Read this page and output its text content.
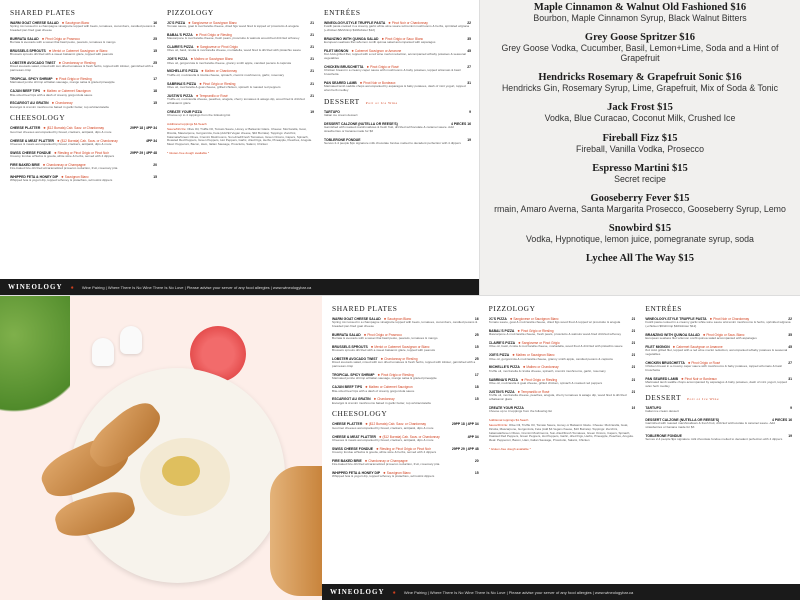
SHARED PLATES
WARM GOAT CHEESE SALAD ✸ Sauvignon Blanc	16
Spring mix tossed in a champagne vinaigrette topped with beets, tomatoes, cucumbers, candied pecans & breaded pan fried goat cheese
BURRATA SALAD ✸ Pinot Grigio or Prosecco	25
Burrata & avocado with a sweet thai basil pesto, peanuts, tomatoes & mango
BRUSSELS SPROUTS ✸ Merlot or Cabernet Sauvignon or Blanc	15
Brussels sprouts drizzled with a sweet balsamic glaze, topped with peanuts
LOBSTER AVOCADO TWIST ✸ Chardonnay or Riesling	25
Diced avocado salad, mixed with sun dried tomatoes & fresh herbs, topped with lobster, garnished with a parmesan crisp
TROPICAL SPICY SHRIMP ✸ Pinot Grigio or Riesling	17
Marinated jumbo shrimp w/Italian sausage, mango salsa & grazed pineapple
CAJUN BEEF TIPS ✸ Malbec or Cabernet Sauvignon	18
Bite-sized beef tips with a dash of creamy gorgonzola sauce
ESCARGOT AU GRATIN ✸ Chardonnay	15
Escargot & cremini mushrooms baked in garlic butter, top w/stracciatella
CHEESOLOGY
CHEESE PLATTER ✸ ($12 Burrata) Cab. Sauv. or Chardonnay	29PP 18 | 4PP 34
Gourmet cheeses accompanied by bread, crackers, antipasti, dips & more
CHEESE & MEAT PLATTER ✸ ($12 Burrata) Cab. Sauv. or Chardonnay	4PP 34
Cheeses & meats accompanied by bread, crackers, antipasti, dips & more
SWISS CHEESE FONDUE ✸ Riesling or Pinot Grigio or Pinot Noir	29PP 29 | 4PP 48
Creamy fondue w/Swiss & gouda, white wine & herbs, served with 4 dippers
FIRE BAKED BRIE ✸ Chardonnay or Champagne	20
Fire-baked brie drizzled w/caramelized prosecco reduction, fruit, rosemary pita
WHIPPED FETA & HONEY DIP ✸ Sauvignon Blanc	15
Whipped feta & yogurt dip, topped w/honey & pistachios, w/crostini dippers
PIZZOLOGY
JC'S PIZZA ✸ Sangiovese or Sauvignon Blanc	21
Tomato sauce, goat & mozzarella cheese, dried figs wood fired & topped w/ prosciutto & arugula
BABAL'S PIZZA ✸ Pinot Grigio or Riesling	21
Mascarpone & mozzarella cheese, fresh pears, prosciutto & walnuts wood-fired drizzled w/honey
CLAIRE'S PIZZA ✸ Sangiovese or Pinot Grigio	21
Olive oil, basil, ricotta & mozzarella cheese, mortadella, wood fired & drizzled with pistachio sauce
JOE'S PIZZA ✸ Malbec or Sauvignon Blanc	21
Olive oil, gorgonzola & mozzarella cheese, granny smith apple, candied pecans & capicola
MICHELLE'S PIZZA ✸ Malbec or Chardonnay	21
Truffle oil, mozzarella & ricotta cheese, spinach, cremini mushrooms, garlic, rosemary
SABRINA'S PIZZA ✸ Pinot Grigio or Riesling	21
Olive oil, mozzarella & goat cheese, grilled chicken, spinach & roasted red peppers
JUSTIN'S PIZZA ✸ Tempranillo or Rosé	21
Truffle oil, mozzarella cheese, peaches, arugula, cherry tomatoes & asiago dip, wood fired & drizzled w/balsamic glaze
CREATE YOUR PIZZA	19
Choose up to 4 toppings from the following list
Additional toppings $1.5each
Sauce/Drizzle: Olive Oil, Truffle Oil, Tomato Sauce, Honey or Balsamic Glaze. Cheese: Mozzarella, Goat, Ricotta, Mascarpone, Gorgonzola, Feta (Add $4 Vegan cheese, $10 Burrata). Toppings: Zucchini, Kalamata/Green Olives, Cremini Mushrooms, Sun-dried/Fresh Tomatoes, Green Onions, Capers, Spinach, Roasted Red Peppers, Green Peppers, Hot Peppers, Garlic, dried Figs, Herbs, Pineapple, Peaches, Arugula. Meat: Pepperoni, Bacon, Ham, Italian Sausage, Prosciutto, Salami, Chicken
* Gluten-free dough available *
ENTRÉES
WINEOLOGY-STYLE TRUFFLE PASTA ✸ Pinot Noir or Chardonnay	22
Fusilli pasta cooked in a creamy garlic white wine sauce w/cremini mushrooms & herbs, sprinkled w/grana (+chicken $6/shrimp $10/lobster $12)
BRANZINO WITH QUINOA SALAD ✸ Pinot Grigio or Sauv. Blanc	35
European seabass filet w/lemon confit quinoa salad accompanied with asparagus
FILET MIGNON ✸ Cabernet Sauvignon or Amarone	45
8oz AAA grilled filet, topped with a red wine merlot reduction, accompanied w/baby potatoes & seasonal vegetables
CHICKEN BRUSCHETTA ✸ Pinot Grigio or Rosé	27
Chicken breast in a creamy caper sauce with mushrooms & baby potatoes, topped w/tomato & basil bruschetta
PAN SEARED LAMB ✸ Pinot Noir or Bordeaux	31
Marinated lamb saddle chops accompanied by asparagus & baby potatoes, dash of mint yogurt, topped w/an herb medley
DESSERT Port or Ice Wine
TARTUFO	9
Italian ice cream dessert
DESSERT CALZONE (NUTELLA OR REESE'S)	4 PIECES 16
Garnished with roasted marshmallows & fresh fruit, drizzled w/chocolate & caramel sauce. Add strawberries or banana made for $3
TOBLERONE FONDUE	19
Serves 2-4 people $px signature milk chocolate fondue melted to decadent perfection with 4 dippers
WINEOLOGY ✸ Wine Pairing | Where There Is No Wine There Is No Love | Please advise your server of any food allergies | www.wineologybar.ca
Maple Cinnamon & Walnut Old Fashioned $16
Bourbon, Maple Cinnamon Syrup, Black Walnut Bitters
Grey Goose Spritzer $16
Grey Goose Vodka, Cucumber, Basil, Lemon+Lime, Soda and a Hint of Grapefruit
Hendricks Rosemary & Grapefruit Sonic $16
Hendricks Gin, Rosemary Syrup, Lime, Grapefruit, Mix of Soda & Tonic
Jack Frost $15
Vodka, Blue Curacao, Coconut Milk, Crushed Ice
Fireball Fizz $15
Fireball, Vanilla Vodka, Prosecco
Espresso Martini $15
Secret recipe
Gooseberry Fever $15
rmain, Amaro Averna, Santa Margarita Prosecco, Gooseberry Syrup, Lemo
Snowbird $15
Vodka, Hypnotique, lemon juice, pomegranate syrup, soda
Lychee All The Way $15
SHARED PLATES
WARM GOAT CHEESE SALAD ✸ Sauvignon Blanc	16
Spring mix tossed in a champagne vinaigrette topped with beets, tomatoes, cucumbers, candied pecans & breaded pan fried goat cheese
BURRATA SALAD ✸ Pinot Grigio or Prosecco	25
Burrata & avocado with a sweet thai basil pesto, peanuts, tomatoes & mango
BRUSSELS SPROUTS ✸ Merlot or Cabernet Sauvignon or Blanc	15
Brussels sprouts drizzled with a sweet balsamic glaze, topped with peanuts
LOBSTER AVOCADO TWIST ✸ Chardonnay or Riesling	25
Diced avocado salad, mixed with sun dried tomatoes & fresh herbs, topped with lobster, garnished with a parmesan crisp
TROPICAL SPICY SHRIMP ✸ Pinot Grigio or Riesling	17
Marinated jumbo shrimp w/Italian sausage, mango salsa & grazed pineapple
CAJUN BEEF TIPS ✸ Malbec or Cabernet Sauvignon	18
Bite-sized beef tips with a dash of creamy gorgonzola sauce
ESCARGOT AU GRATIN ✸ Chardonnay	15
Escargot & cremini mushrooms baked in garlic butter, top w/stracciatella
CHEESOLOGY
CHEESE PLATTER ✸ ($12 Burrata) Cab. Sauv. or Chardonnay	29PP 18 | 4PP 34
Gourmet cheeses accompanied by bread, crackers, antipasti, dips & more
CHEESE & MEAT PLATTER ✸ ($12 Burrata) Cab. Sauv. or Chardonnay	4PP 34
Cheeses & meats accompanied by bread, crackers, antipasti, dips & more
SWISS CHEESE FONDUE ✸ Riesling or Pinot Grigio or Pinot Noir	29PP 29 | 4PP 48
Creamy fondue w/Swiss & gouda, white wine & herbs, served with 4 dippers
FIRE BAKED BRIE ✸ Chardonnay or Champagne	20
Fire-baked brie drizzled w/caramelized prosecco reduction, fruit, rosemary pita
WHIPPED FETA & HONEY DIP ✸ Sauvignon Blanc	15
Whipped feta & yogurt dip, topped w/honey & pistachios, w/crostini dippers
PIZZOLOGY
JC'S PIZZA ✸ Sangiovese or Sauvignon Blanc	21
Tomato sauce, goat & mozzarella cheese, dried figs wood fired & topped w/ prosciutto & arugula
BABAL'S PIZZA ✸ Pinot Grigio or Riesling	21
Mascarpone & mozzarella cheese, fresh pears, prosciutto & walnuts wood-fired drizzled w/honey
CLAIRE'S PIZZA ✸ Sangiovese or Pinot Grigio	21
Olive oil, basil, ricotta & mozzarella cheese, mortadella, wood fired & drizzled with pistachio sauce
JOE'S PIZZA ✸ Malbec or Sauvignon Blanc	21
Olive oil, gorgonzola & mozzarella cheese, granny smith apple, candied pecans & capicola
MICHELLE'S PIZZA ✸ Malbec or Chardonnay	21
Truffle oil, mozzarella & ricotta cheese, spinach, cremini mushrooms, garlic, rosemary
SABRINA'S PIZZA ✸ Pinot Grigio or Riesling	21
Olive oil, mozzarella & goat cheese, grilled chicken, spinach & roasted red peppers
JUSTIN'S PIZZA ✸ Tempranillo or Rosé	21
Truffle oil, mozzarella cheese, peaches, arugula, cherry tomatoes & asiago dip, wood fired & drizzled w/balsamic glaze
CREATE YOUR PIZZA	19
Choose up to 4 toppings from the following list
Additional toppings $1.5each
Sauce/Drizzle: Olive Oil, Truffle Oil, Tomato Sauce, Honey or Balsamic Glaze. Cheese: Mozzarella, Goat, Ricotta, Mascarpone, Gorgonzola, Feta (Add $4 Vegan cheese, $10 Burrata). Toppings: Zucchini, Kalamata/Green Olives, Cremini Mushrooms, Sun-dried/Fresh Tomatoes, Green Onions, Capers, Spinach, Roasted Red Peppers, Green Peppers, Hot Peppers, Garlic, dried Figs, Herbs, Pineapple, Peaches, Arugula. Meat: Pepperoni, Bacon, Ham, Italian Sausage, Prosciutto, Salami, Chicken
* Gluten-free dough available *
ENTRÉES
WINEOLOGY-STYLE TRUFFLE PASTA ✸ Pinot Noir or Chardonnay	22
Fusilli pasta cooked in a creamy garlic white wine sauce w/cremini mushrooms & herbs, sprinkled w/grana (+chicken $6/shrimp $10/lobster $12)
BRANZINO WITH QUINOA SALAD ✸ Pinot Grigio or Sauv. Blanc	35
European seabass filet w/lemon confit quinoa salad accompanied with asparagus
FILET MIGNON ✸ Cabernet Sauvignon or Amarone	45
8oz AAA grilled filet, topped with a red wine merlot reduction, accompanied w/baby potatoes & seasonal vegetables
CHICKEN BRUSCHETTA ✸ Pinot Grigio or Rosé	27
Chicken breast in a creamy caper sauce with mushrooms & baby potatoes, topped w/tomato & basil bruschetta
PAN SEARED LAMB ✸ Pinot Noir or Bordeaux	31
Marinated lamb saddle chops accompanied by asparagus & baby potatoes, dash of mint yogurt, topped w/an herb medley
DESSERT Port or Ice Wine
TARTUFO	9
Italian ice cream dessert
DESSERT CALZONE (NUTELLA OR REESE'S)	4 PIECES 16
Garnished with roasted marshmallows & fresh fruit, drizzled w/chocolate & caramel sauce. Add strawberries or banana made for $3
TOBLERONE FONDUE	19
Serves 2-4 people $px signature milk chocolate fondue melted to decadent perfection with 4 dippers
WINEOLOGY ✸ Wine Pairing | Where There Is No Wine There Is No Love | Please advise your server of any food allergies | www.wineologybar.ca
